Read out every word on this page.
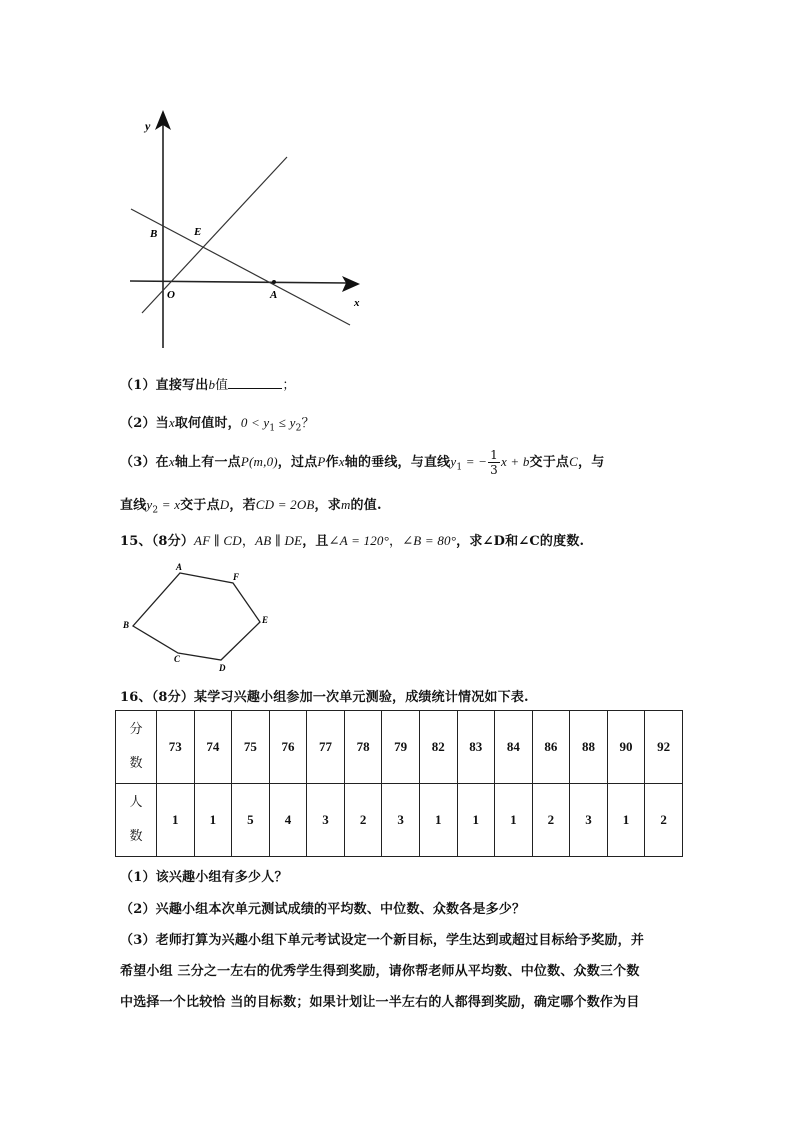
y
x
B	E
O	A
（1）直接写出b值	；
（2）当x取何值时，$0 < y_1 \le y_2$？
（3）在x轴上有一点P(m,0)，过点P作x轴的垂线，与直线$y_1$ = − $\frac{1}{3}$ x + b交于点C，与
直线$y_2 = x$交于点D，若CD = 2OB，求m的值.
15、（8分）AF ∥ CD，AB ∥ DE，且∠A = 120°，∠B = 80°，求∠D和∠C的度数.
A
F
E
D
C
B
16、（8分）某学习兴趣小组参加一次单元测验，成绩统计情况如下表.
分
数	73	74	75	76	77	78	79	82	83	84	86	88	90	92
人
数	1	1	5	4	3	2	3	1	1	1	2	3	1	2
（1）该兴趣小组有多少人？
（2）兴趣小组本次单元测试成绩的平均数、中位数、众数各是多少？
（3）老师打算为兴趣小组下单元考试设定一个新目标，学生达到或超过目标给予奖励，并
希望小组 三分之一左右的优秀学生得到奖励，请你帮老师从平均数、中位数、众数三个数
中选择一个比较恰 当的目标数；如果计划让一半左右的人都得到奖励，确定哪个数作为目
